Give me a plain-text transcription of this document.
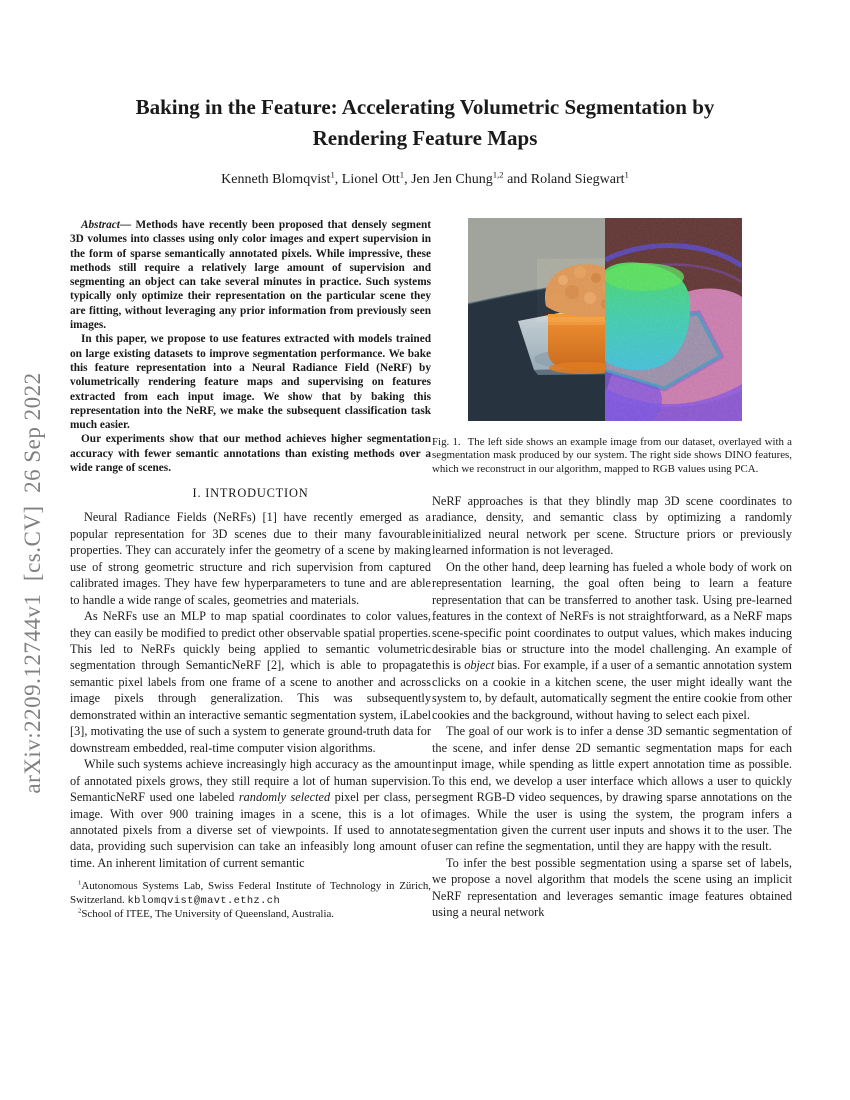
arXiv:2209.12744v1  [cs.CV]  26 Sep 2022
Baking in the Feature: Accelerating Volumetric Segmentation by
Rendering Feature Maps
Kenneth Blomqvist$^1$, Lionel Ott$^1$, Jen Jen Chung$^{1,2}$ and Roland Siegwart$^1$

Abstract— Methods have recently been proposed that densely segment 3D volumes into classes using only color images and expert supervision in the form of sparse semantically annotated pixels. While impressive, these methods still require a relatively large amount of supervision and segmenting an object can take several minutes in practice. Such systems typically only optimize their representation on the particular scene they are fitting, without leveraging any prior information from previously seen images.

In this paper, we propose to use features extracted with models trained on large existing datasets to improve segmentation performance. We bake this feature representation into a Neural Radiance Field (NeRF) by volumetrically rendering feature maps and supervising on features extracted from each input image. We show that by baking this representation into the NeRF, we make the subsequent classification task much easier.

Our experiments show that our method achieves higher segmentation accuracy with fewer semantic annotations than existing methods over a wide range of scenes.

I. INTRODUCTION

Neural Radiance Fields (NeRFs) [1] have recently emerged as a popular representation for 3D scenes due to their many favourable properties. They can accurately infer the geometry of a scene by making use of strong geometric structure and rich supervision from captured calibrated images. They have few hyperparameters to tune and are able to handle a wide range of scales, geometries and materials.

As NeRFs use an MLP to map spatial coordinates to color values, they can easily be modified to predict other observable spatial properties. This led to NeRFs quickly being applied to semantic volumetric segmentation through SemanticNeRF [2], which is able to propagate semantic pixel labels from one frame of a scene to another and across image pixels through generalization. This was subsequently demonstrated within an interactive semantic segmentation system, iLabel [3], motivating the use of such a system to generate ground-truth data for downstream embedded, real-time computer vision algorithms.

While such systems achieve increasingly high accuracy as the amount of annotated pixels grows, they still require a lot of human supervision. SemanticNeRF used one labeled randomly selected pixel per class, per image. With over 900 training images in a scene, this is a lot of annotated pixels from a diverse set of viewpoints. If used to annotate data, providing such supervision can take an infeasibly long amount of time. An inherent limitation of current semantic

$^1$Autonomous Systems Lab, Swiss Federal Institute of Technology in Zürich, Switzerland. kblomqvist@mavt.ethz.ch

$^2$School of ITEE, The University of Queensland, Australia.

Fig. 1. The left side shows an example image from our dataset, overlayed with a segmentation mask produced by our system. The right side shows DINO features, which we reconstruct in our algorithm, mapped to RGB values using PCA.

NeRF approaches is that they blindly map 3D scene coordinates to radiance, density, and semantic class by optimizing a randomly initialized neural network per scene. Structure priors or previously learned information is not leveraged.

On the other hand, deep learning has fueled a whole body of work on representation learning, the goal often being to learn a feature representation that can be transferred to another task. Using pre-learned features in the context of NeRFs is not straightforward, as a NeRF maps scene-specific point coordinates to output values, which makes inducing desirable bias or structure into the model challenging. An example of this is object bias. For example, if a user of a semantic annotation system clicks on a cookie in a kitchen scene, the user might ideally want the system to, by default, automatically segment the entire cookie from other cookies and the background, without having to select each pixel.

The goal of our work is to infer a dense 3D semantic segmentation of the scene, and infer dense 2D semantic segmentation maps for each input image, while spending as little expert annotation time as possible. To this end, we develop a user interface which allows a user to quickly segment RGB-D video sequences, by drawing sparse annotations on the images. While the user is using the system, the program infers a segmentation given the current user inputs and shows it to the user. The user can refine the segmentation, until they are happy with the result.

To infer the best possible segmentation using a sparse set of labels, we propose a novel algorithm that models the scene using an implicit NeRF representation and leverages semantic image features obtained using a neural network
